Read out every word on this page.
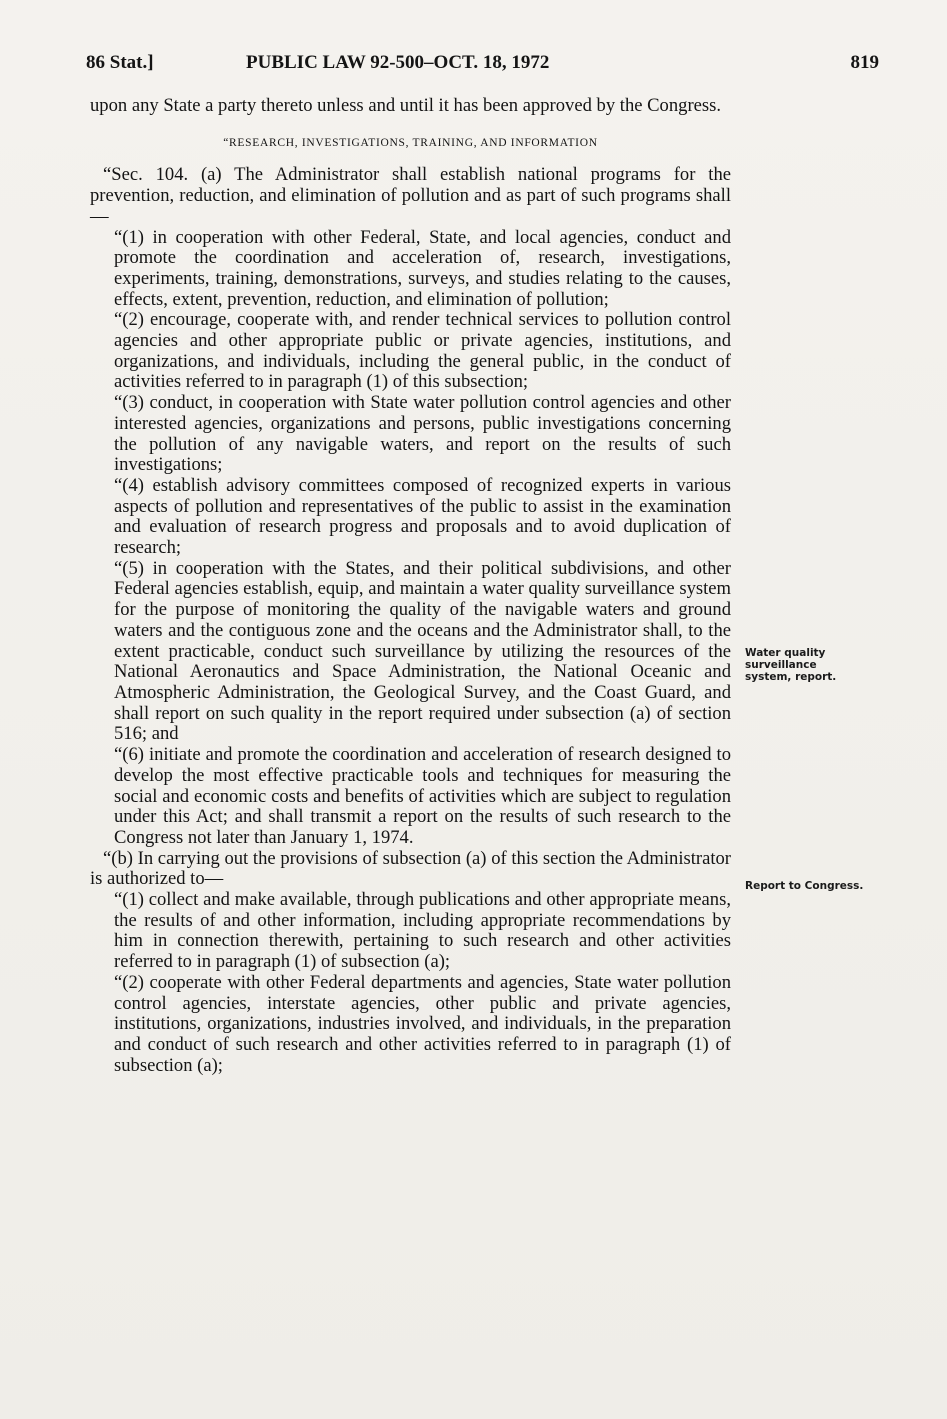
86 Stat.]	PUBLIC LAW 92-500–OCT. 18, 1972	819

upon any State a party thereto unless and until it has been approved by the Congress.

“RESEARCH, INVESTIGATIONS, TRAINING, AND INFORMATION

“Sec. 104. (a) The Administrator shall establish national programs for the prevention, reduction, and elimination of pollution and as part of such programs shall—

“(1) in cooperation with other Federal, State, and local agencies, conduct and promote the coordination and acceleration of, research, investigations, experiments, training, demonstrations, surveys, and studies relating to the causes, effects, extent, prevention, reduction, and elimination of pollution;

“(2) encourage, cooperate with, and render technical services to pollution control agencies and other appropriate public or private agencies, institutions, and organizations, and individuals, including the general public, in the conduct of activities referred to in paragraph (1) of this subsection;

“(3) conduct, in cooperation with State water pollution control agencies and other interested agencies, organizations and persons, public investigations concerning the pollution of any navigable waters, and report on the results of such investigations;

“(4) establish advisory committees composed of recognized experts in various aspects of pollution and representatives of the public to assist in the examination and evaluation of research progress and proposals and to avoid duplication of research;

“(5) in cooperation with the States, and their political subdivisions, and other Federal agencies establish, equip, and maintain a water quality surveillance system for the purpose of monitoring the quality of the navigable waters and ground waters and the contiguous zone and the oceans and the Administrator shall, to the extent practicable, conduct such surveillance by utilizing the resources of the National Aeronautics and Space Administration, the National Oceanic and Atmospheric Administration, the Geological Survey, and the Coast Guard, and shall report on such quality in the report required under subsection (a) of section 516; and

“(6) initiate and promote the coordination and acceleration of research designed to develop the most effective practicable tools and techniques for measuring the social and economic costs and benefits of activities which are subject to regulation under this Act; and shall transmit a report on the results of such research to the Congress not later than January 1, 1974.

“(b) In carrying out the provisions of subsection (a) of this section the Administrator is authorized to—

“(1) collect and make available, through publications and other appropriate means, the results of and other information, including appropriate recommendations by him in connection therewith, pertaining to such research and other activities referred to in paragraph (1) of subsection (a);

“(2) cooperate with other Federal departments and agencies, State water pollution control agencies, interstate agencies, other public and private agencies, institutions, organizations, industries involved, and individuals, in the preparation and conduct of such research and other activities referred to in paragraph (1) of subsection (a);

Water quality surveillance system, report.
Report to Congress.
